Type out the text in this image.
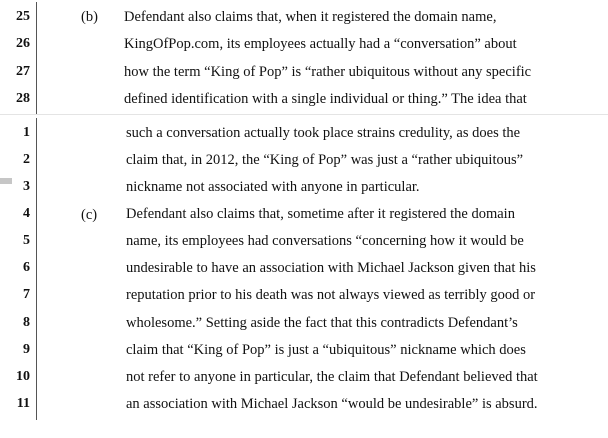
25
26
27
28
(b) Defendant also claims that, when it registered the domain name,
KingOfPop.com, its employees actually had a “conversation” about
how the term “King of Pop” is “rather ubiquitous without any specific
defined identification with a single individual or thing.” The idea that
1
2
3
4
5
6
7
8
9
10
11
(c)
such a conversation actually took place strains credulity, as does the
claim that, in 2012, the “King of Pop” was just a “rather ubiquitous”
nickname not associated with anyone in particular.
Defendant also claims that, sometime after it registered the domain
name, its employees had conversations “concerning how it would be
undesirable to have an association with Michael Jackson given that his
reputation prior to his death was not always viewed as terribly good or
wholesome.” Setting aside the fact that this contradicts Defendant’s
claim that “King of Pop” is just a “ubiquitous” nickname which does
not refer to anyone in particular, the claim that Defendant believed that
an association with Michael Jackson “would be undesirable” is absurd.
